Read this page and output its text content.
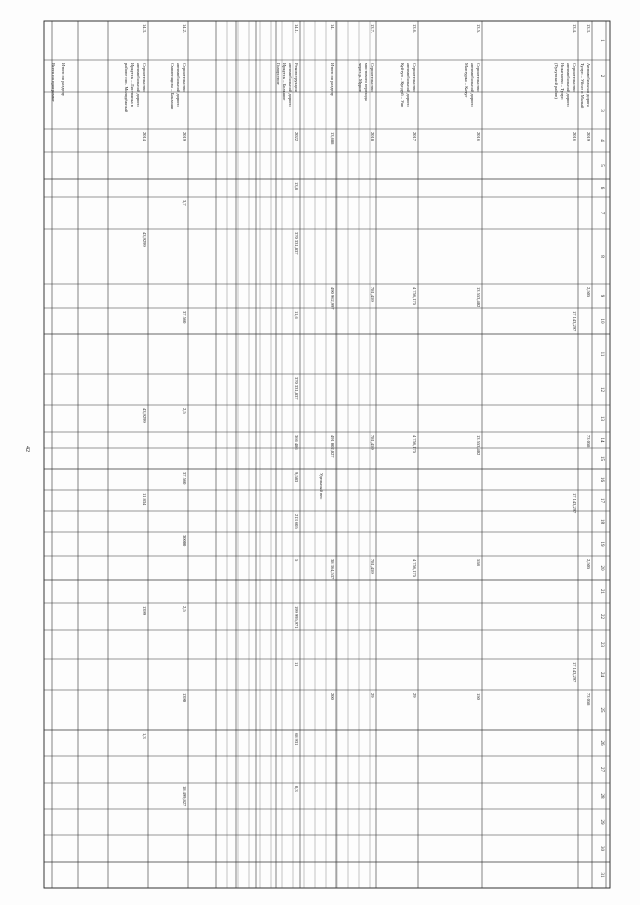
42
1
2
3
4
5
6
7
8
9
10
11
12
13
14
15
16
17
18
19
20
21
22
23
24
25
26
27
28
29
30
31
Удельный вес
13.3.
Автомобильная дорога
Тулун – Уйгат и Малый
2019
2,505
73 058
2,505
73 058
13.4.
Строительство
автомобильной дороги
Никитаево – Тулун
(Тулунский район)
2016
17 143,297
17 143,297
17 143,297
13.5.
Строительство
автомобильной дороги
Манзурка – Качуг
2016
13 553,402
13 553,402
558
150
13.6.
Строительство
автомобильной дороги
Куйтун – Кундуй – Уян
2017
4 756,175
4 756,175
4 756,175
29
13.7.
Строительство
мостового перехода
через р. Мурин
2018
781,459
781,459
781,459
29
14.
Итого по разделу
13,688
490 962,997
491 002,027
38 364,537
200
14.1.
Реконструкция
автомобильной дороги
Иркутск – Большое
Голоустное
2022
13,8
370 331,837
11,6
370 331,837
366 486
9,583
213 605
5
199 995,971
11
68 931
0,3
14.2.
Строительство
автомобильной дороги
Смоленщина – Баклаши
2019
3,7
37 560
2,5
37 560
30000
2,5
1390
18 499,827
14.3.
Строительство
автомобильной дороги
Иркутск – Листвянка в
районе пос. Молодёжный
2014
43,9299
43,9299
11 834
1399
1,3
Итого по разделу
Всего по программе
